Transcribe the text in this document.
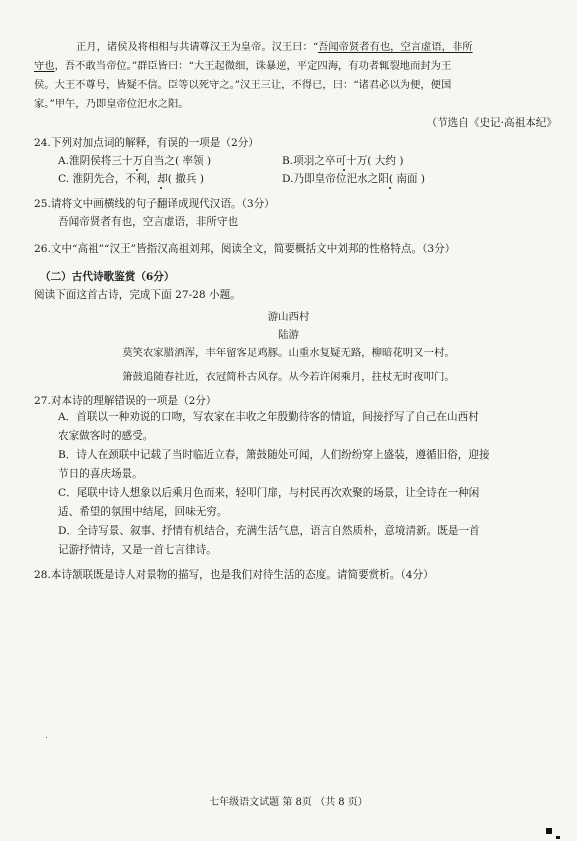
正月，诸侯及将相相与共请尊汉王为皇帝。汉王曰：“吾闻帝贤者有也，空言虚语，非所
守也，吾不敢当帝位。”群臣皆曰：“大王起微细，诛暴逆，平定四海，有功者辄裂地而封为王
侯。大王不尊号，皆疑不信。臣等以死守之。”汉王三让，不得已，曰：“诸君必以为便，便国
家。”甲午，乃即皇帝位汜水之阳。
（节选自《史记·高祖本纪》
24.下列对加点词的解释，有误的一项是（2分）
A.淮阴侯将三十万自当之( 率领 )	B.项羽之卒可十万( 大约 )
C. 淮阴先合，不利，却( 撤兵 )	D.乃即皇帝位汜水之阳( 南面 )
25.请将文中画横线的句子翻译成现代汉语。（3分）
吾闻帝贤者有也，空言虚语，非所守也
26.文中“高祖”“汉王”皆指汉高祖刘邦，阅读全文，简要概括文中刘邦的性格特点。（3分）
（二）古代诗歌鉴赏（6分）
阅读下面这首古诗，完成下面 27-28 小题。
游山西村
陆游
莫笑农家腊酒浑，丰年留客足鸡豚。山重水复疑无路，柳暗花明又一村。
箫鼓追随春社近，衣冠简朴古风存。从今若许闲乘月，拄杖无时夜叩门。
27.对本诗的理解错误的一项是（2分）
A．首联以一种劝说的口吻，写农家在丰收之年殷勤待客的情谊，间接抒写了自己在山西村
农家做客时的感受。
B．诗人在颈联中记载了当时临近立春，箫鼓随处可闻，人们纷纷穿上盛装，遵循旧俗，迎接
节日的喜庆场景。
C．尾联中诗人想象以后乘月色而来，轻叩门扉，与村民再次欢聚的场景，让全诗在一种闲
适、希望的氛围中结尾，回味无穷。
D．全诗写景、叙事、抒情有机结合，充满生活气息，语言自然质朴，意境清新。既是一首
记游抒情诗，又是一首七言律诗。
28.本诗颔联既是诗人对景物的描写，也是我们对待生活的态度。请简要赏析。（4分）
七年级语文试题 第 8页 （共 8 页）
